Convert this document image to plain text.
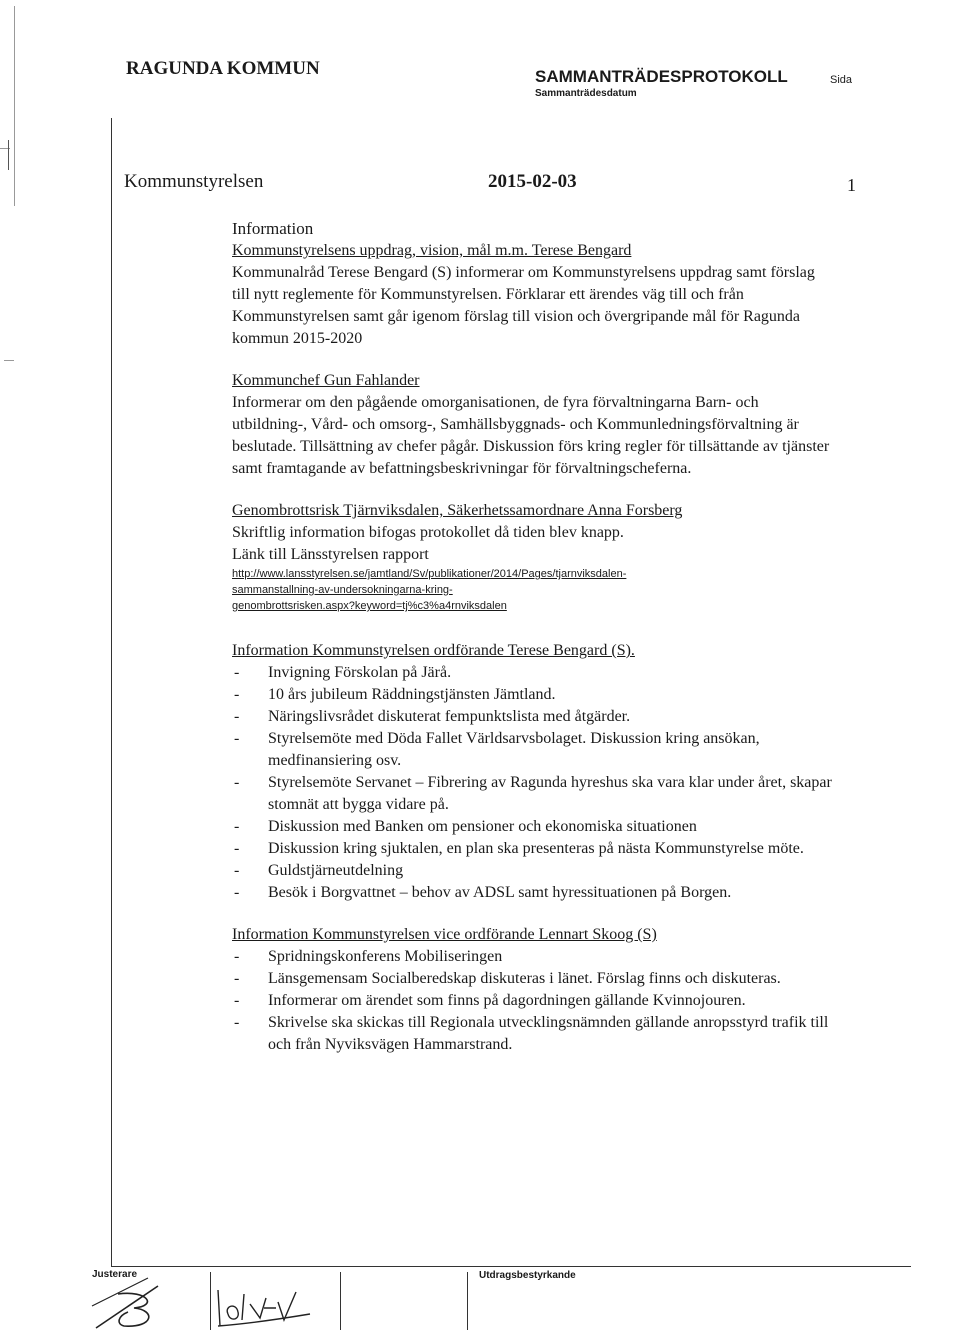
RAGUNDA KOMMUN	SAMMANTRÄDESPROTOKOLL
Sammanträdesdatum
Sida
Kommunstyrelsen	2015-02-03	1
Information
Kommunstyrelsens uppdrag, vision, mål m.m. Terese Bengard

Kommunalråd Terese Bengard (S) informerar om Kommunstyrelsens uppdrag samt förslag till nytt reglemente för Kommunstyrelsen. Förklarar ett ärendes väg till och från Kommunstyrelsen samt går igenom förslag till vision och övergripande mål för Ragunda kommun 2015-2020

Kommunchef Gun Fahlander

Informerar om den pågående omorganisationen, de fyra förvaltningarna Barn- och utbildning-, Vård- och omsorg-, Samhällsbyggnads- och Kommunledningsförvaltning är beslutade. Tillsättning av chefer pågår. Diskussion förs kring regler för tillsättande av tjänster samt framtagande av befattningsbeskrivningar för förvaltningscheferna.

Genombrottsrisk Tjärnviksdalen, Säkerhetssamordnare Anna Forsberg

Skriftlig information bifogas protokollet då tiden blev knapp.

Länk till Länsstyrelsen rapport

http://www.lansstyrelsen.se/jamtland/Sv/publikationer/2014/Pages/tjarnviksdalen-
sammanstallning-av-undersokningarna-kring-
genombrottsrisken.aspx?keyword=tj%c3%a4rnviksdalen
Information Kommunstyrelsen ordförande Terese Bengard (S).
- Invigning Förskolan på Järå.
- 10 års jubileum Räddningstjänsten Jämtland.
- Näringslivsrådet diskuterat fempunktslista med åtgärder.
- Styrelsemöte med Döda Fallet Världsarvsbolaget. Diskussion kring ansökan, medfinansiering osv.
- Styrelsemöte Servanet – Fibrering av Ragunda hyreshus ska vara klar under året, skapar stomnät att bygga vidare på.
- Diskussion med Banken om pensioner och ekonomiska situationen
- Diskussion kring sjuktalen, en plan ska presenteras på nästa Kommunstyrelse möte.
- Guldstjärneutdelning
- Besök i Borgvattnet – behov av ADSL samt hyressituationen på Borgen.
Information Kommunstyrelsen vice ordförande Lennart Skoog (S)
- Spridningskonferens Mobiliseringen
- Länsgemensam Socialberedskap diskuteras i länet. Förslag finns och diskuteras.
- Informerar om ärendet som finns på dagordningen gällande Kvinnojouren.
- Skrivelse ska skickas till Regionala utvecklingsnämnden gällande anropsstyrd trafik till och från Nyviksvägen Hammarstrand.
Justerare	Utdragsbestyrkande
